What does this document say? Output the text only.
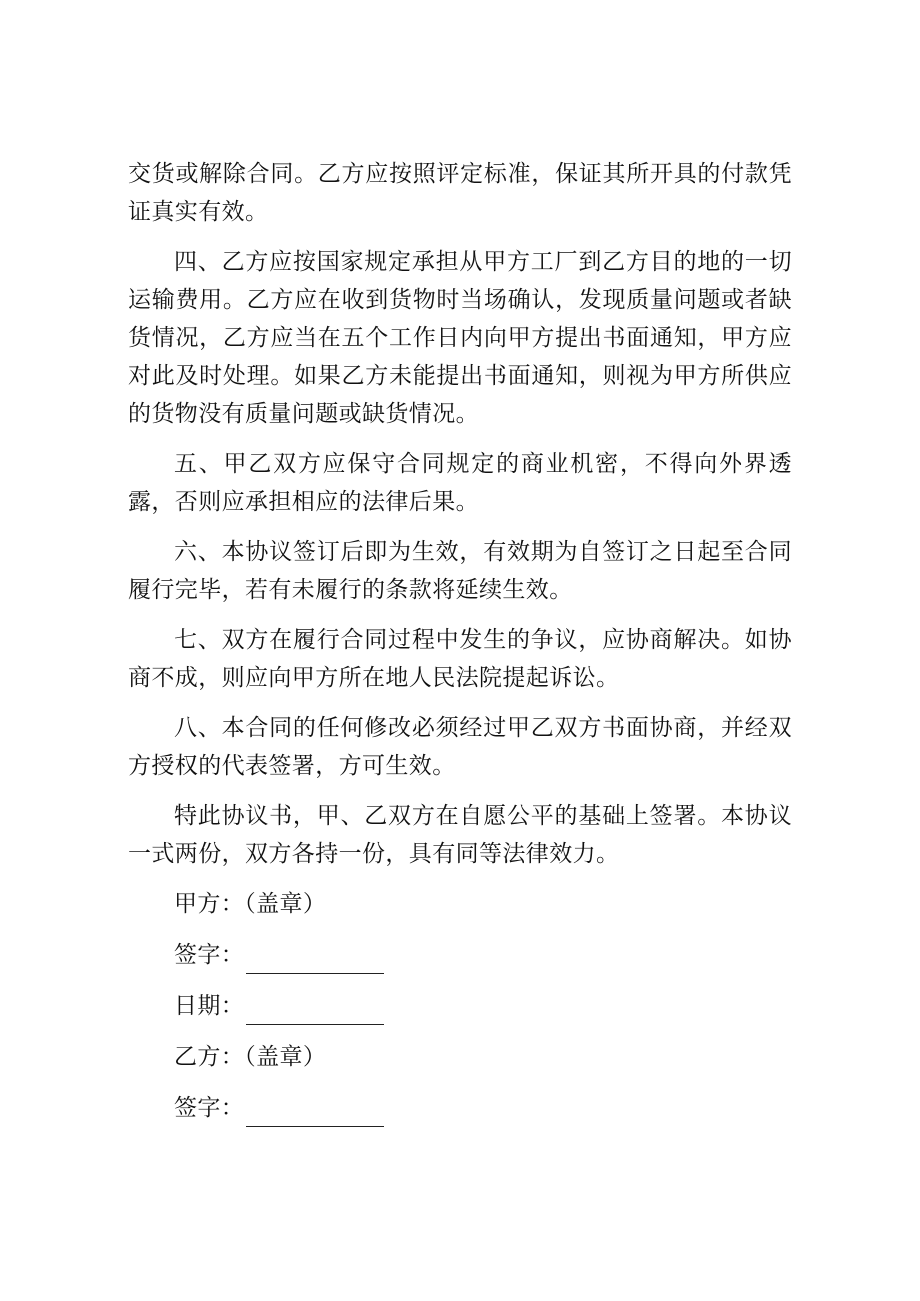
交货或解除合同。乙方应按照评定标准，保证其所开具的付款凭证真实有效。

四、乙方应按国家规定承担从甲方工厂到乙方目的地的一切运输费用。乙方应在收到货物时当场确认，发现质量问题或者缺货情况，乙方应当在五个工作日内向甲方提出书面通知，甲方应对此及时处理。如果乙方未能提出书面通知，则视为甲方所供应的货物没有质量问题或缺货情况。

五、甲乙双方应保守合同规定的商业机密，不得向外界透露，否则应承担相应的法律后果。

六、本协议签订后即为生效，有效期为自签订之日起至合同履行完毕，若有未履行的条款将延续生效。

七、双方在履行合同过程中发生的争议，应协商解决。如协商不成，则应向甲方所在地人民法院提起诉讼。

八、本合同的任何修改必须经过甲乙双方书面协商，并经双方授权的代表签署，方可生效。

特此协议书，甲、乙双方在自愿公平的基础上签署。本协议一式两份，双方各持一份，具有同等法律效力。

甲方：（盖章）
签字：
日期：
乙方：（盖章）
签字：
